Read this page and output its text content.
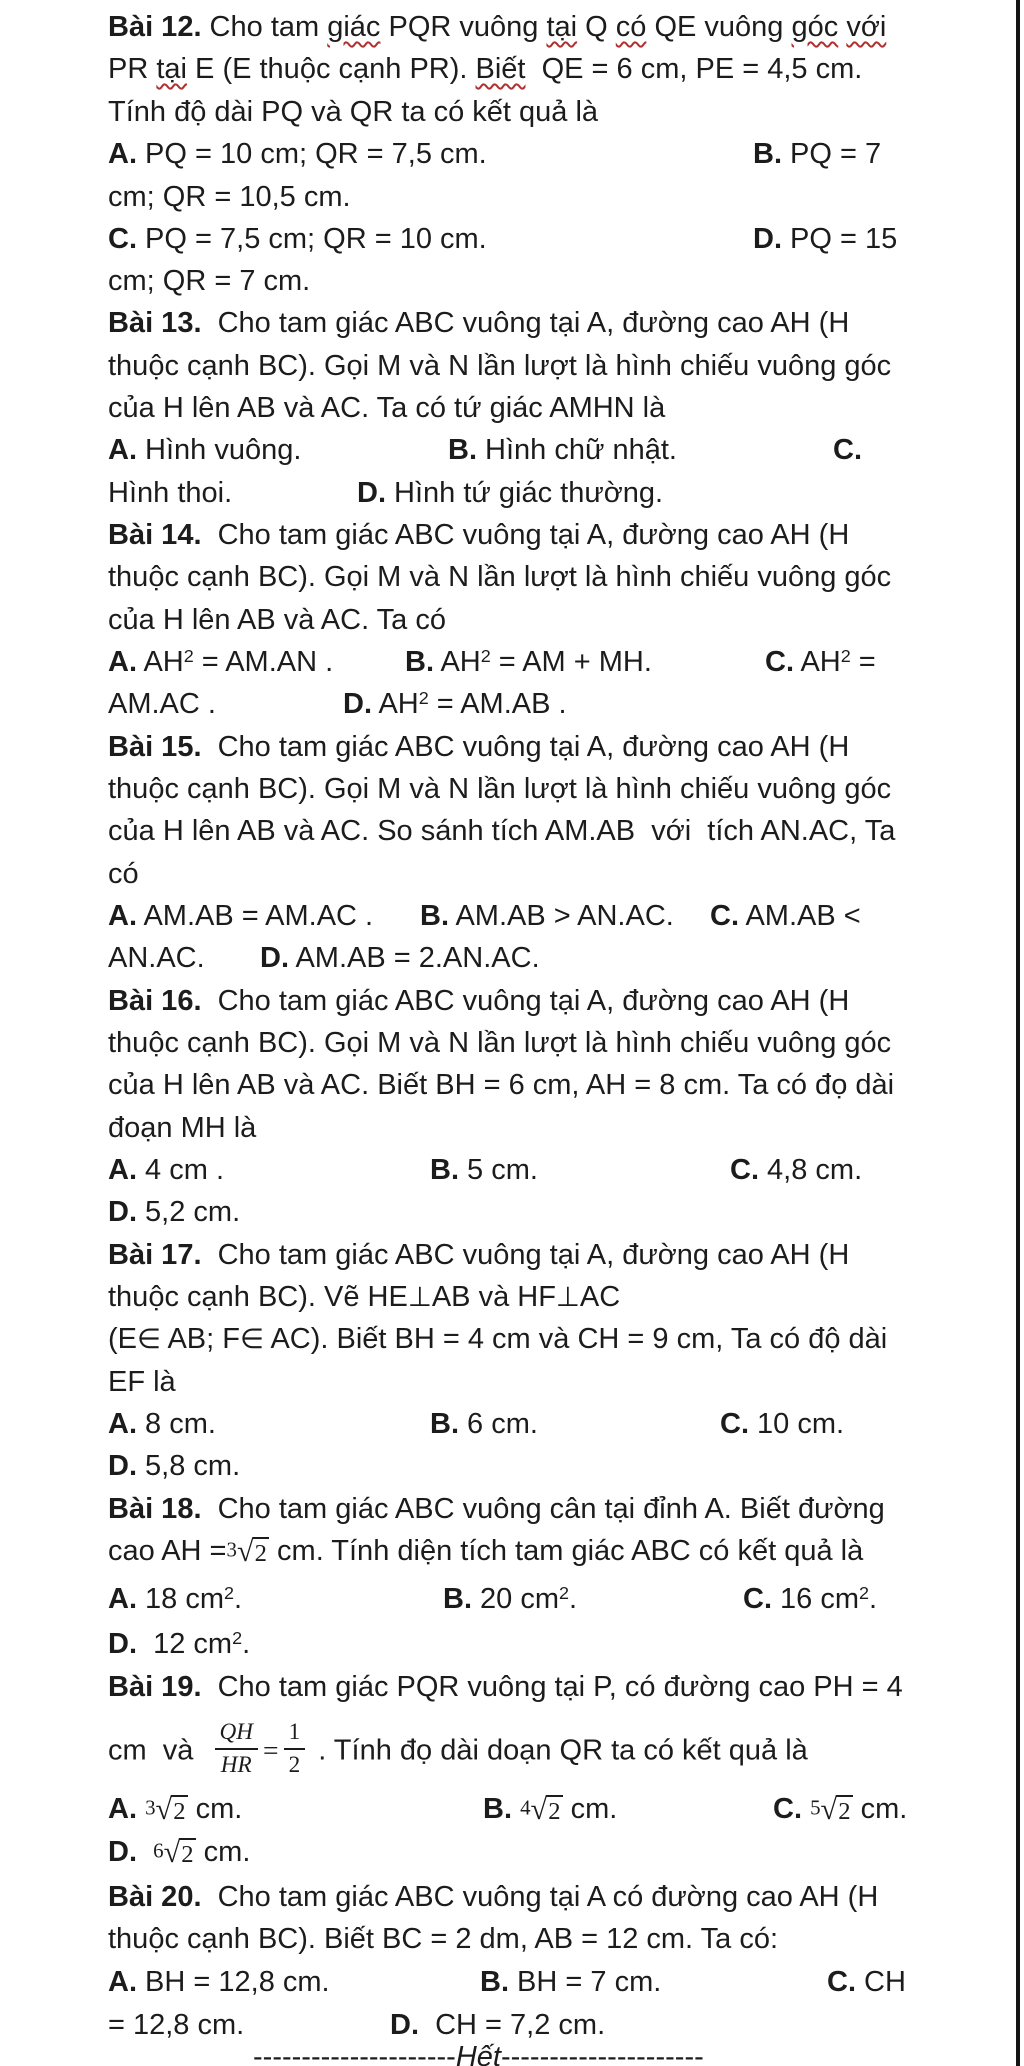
Bài 12. Cho tam giác PQR vuông tại Q có QE vuông góc với
PR tại E (E thuộc cạnh PR). Biết  QE = 6 cm, PE = 4,5 cm.
Tính độ dài PQ và QR ta có kết quả là
A. PQ = 10 cm; QR = 7,5 cm.	B. PQ = 7
cm; QR = 10,5 cm.
C. PQ = 7,5 cm; QR = 10 cm.	D. PQ = 15
cm; QR = 7 cm.
Bài 13.  Cho tam giác ABC vuông tại A, đường cao AH (H
thuộc cạnh BC). Gọi M và N lần lượt là hình chiếu vuông góc
của H lên AB và AC. Ta có tứ giác AMHN là
A. Hình vuông.	B. Hình chữ nhật.	C.
Hình thoi.	D. Hình tứ giác thường.
Bài 14.  Cho tam giác ABC vuông tại A, đường cao AH (H
thuộc cạnh BC). Gọi M và N lần lượt là hình chiếu vuông góc
của H lên AB và AC. Ta có
A. $AH^2 = AM.AN$ . B. $AH^2$ = AM + MH.	C. $AH^2$ =
AM.AC .	D. $AH^2 = AM.AB$ .
Bài 15.  Cho tam giác ABC vuông tại A, đường cao AH (H
thuộc cạnh BC). Gọi M và N lần lượt là hình chiếu vuông góc
của H lên AB và AC. So sánh tích AM.AB  với  tích AN.AC, Ta
có
A. AM.AB = AM.AC . B. AM.AB > AN.AC. C. AM.AB <
AN.AC. D. AM.AB = 2.AN.AC.
Bài 16.  Cho tam giác ABC vuông tại A, đường cao AH (H
thuộc cạnh BC). Gọi M và N lần lượt là hình chiếu vuông góc
của H lên AB và AC. Biết BH = 6 cm, AH = 8 cm. Ta có đọ dài
đoạn MH là
A. 4 cm .	B. 5 cm.	C. 4,8 cm.
D. 5,2 cm.
Bài 17.  Cho tam giác ABC vuông tại A, đường cao AH (H
thuộc cạnh BC). Vẽ HE⊥AB và HF⊥AC
(E∈ AB; F∈ AC). Biết BH = 4 cm và CH = 9 cm, Ta có độ dài
EF là
A. 8 cm.	B. 6 cm.	C. 10 cm.
D. 5,8 cm.
Bài 18.  Cho tam giác ABC vuông cân tại đỉnh A. Biết đường
cao AH =3 √ 2 cm. Tính diện tích tam giác ABC có kết quả là
A. 18 $cm^2$.	B. 20 $cm^2$.	C. 16 $cm^2$.
D.  12 $cm^2$.
Bài 19.  Cho tam giác PQR vuông tại P, có đường cao PH = 4
cm  và $\frac{QH}{HR} = \frac{1}{2}$ . Tính đọ dài doạn QR ta có kết quả là
A. 3 √ 2 cm.	B. 4 √ 2 cm.	C. 5 √ 2 cm.
D. 6 √ 2 cm.
Bài 20.  Cho tam giác ABC vuông tại A có đường cao AH (H
thuộc cạnh BC). Biết BC = 2 dm, AB = 12 cm. Ta có:
A. BH = 12,8 cm.	B. BH = 7 cm.	C. CH
= 12,8 cm.	D.  CH = 7,2 cm.
---------------------Hết---------------------
